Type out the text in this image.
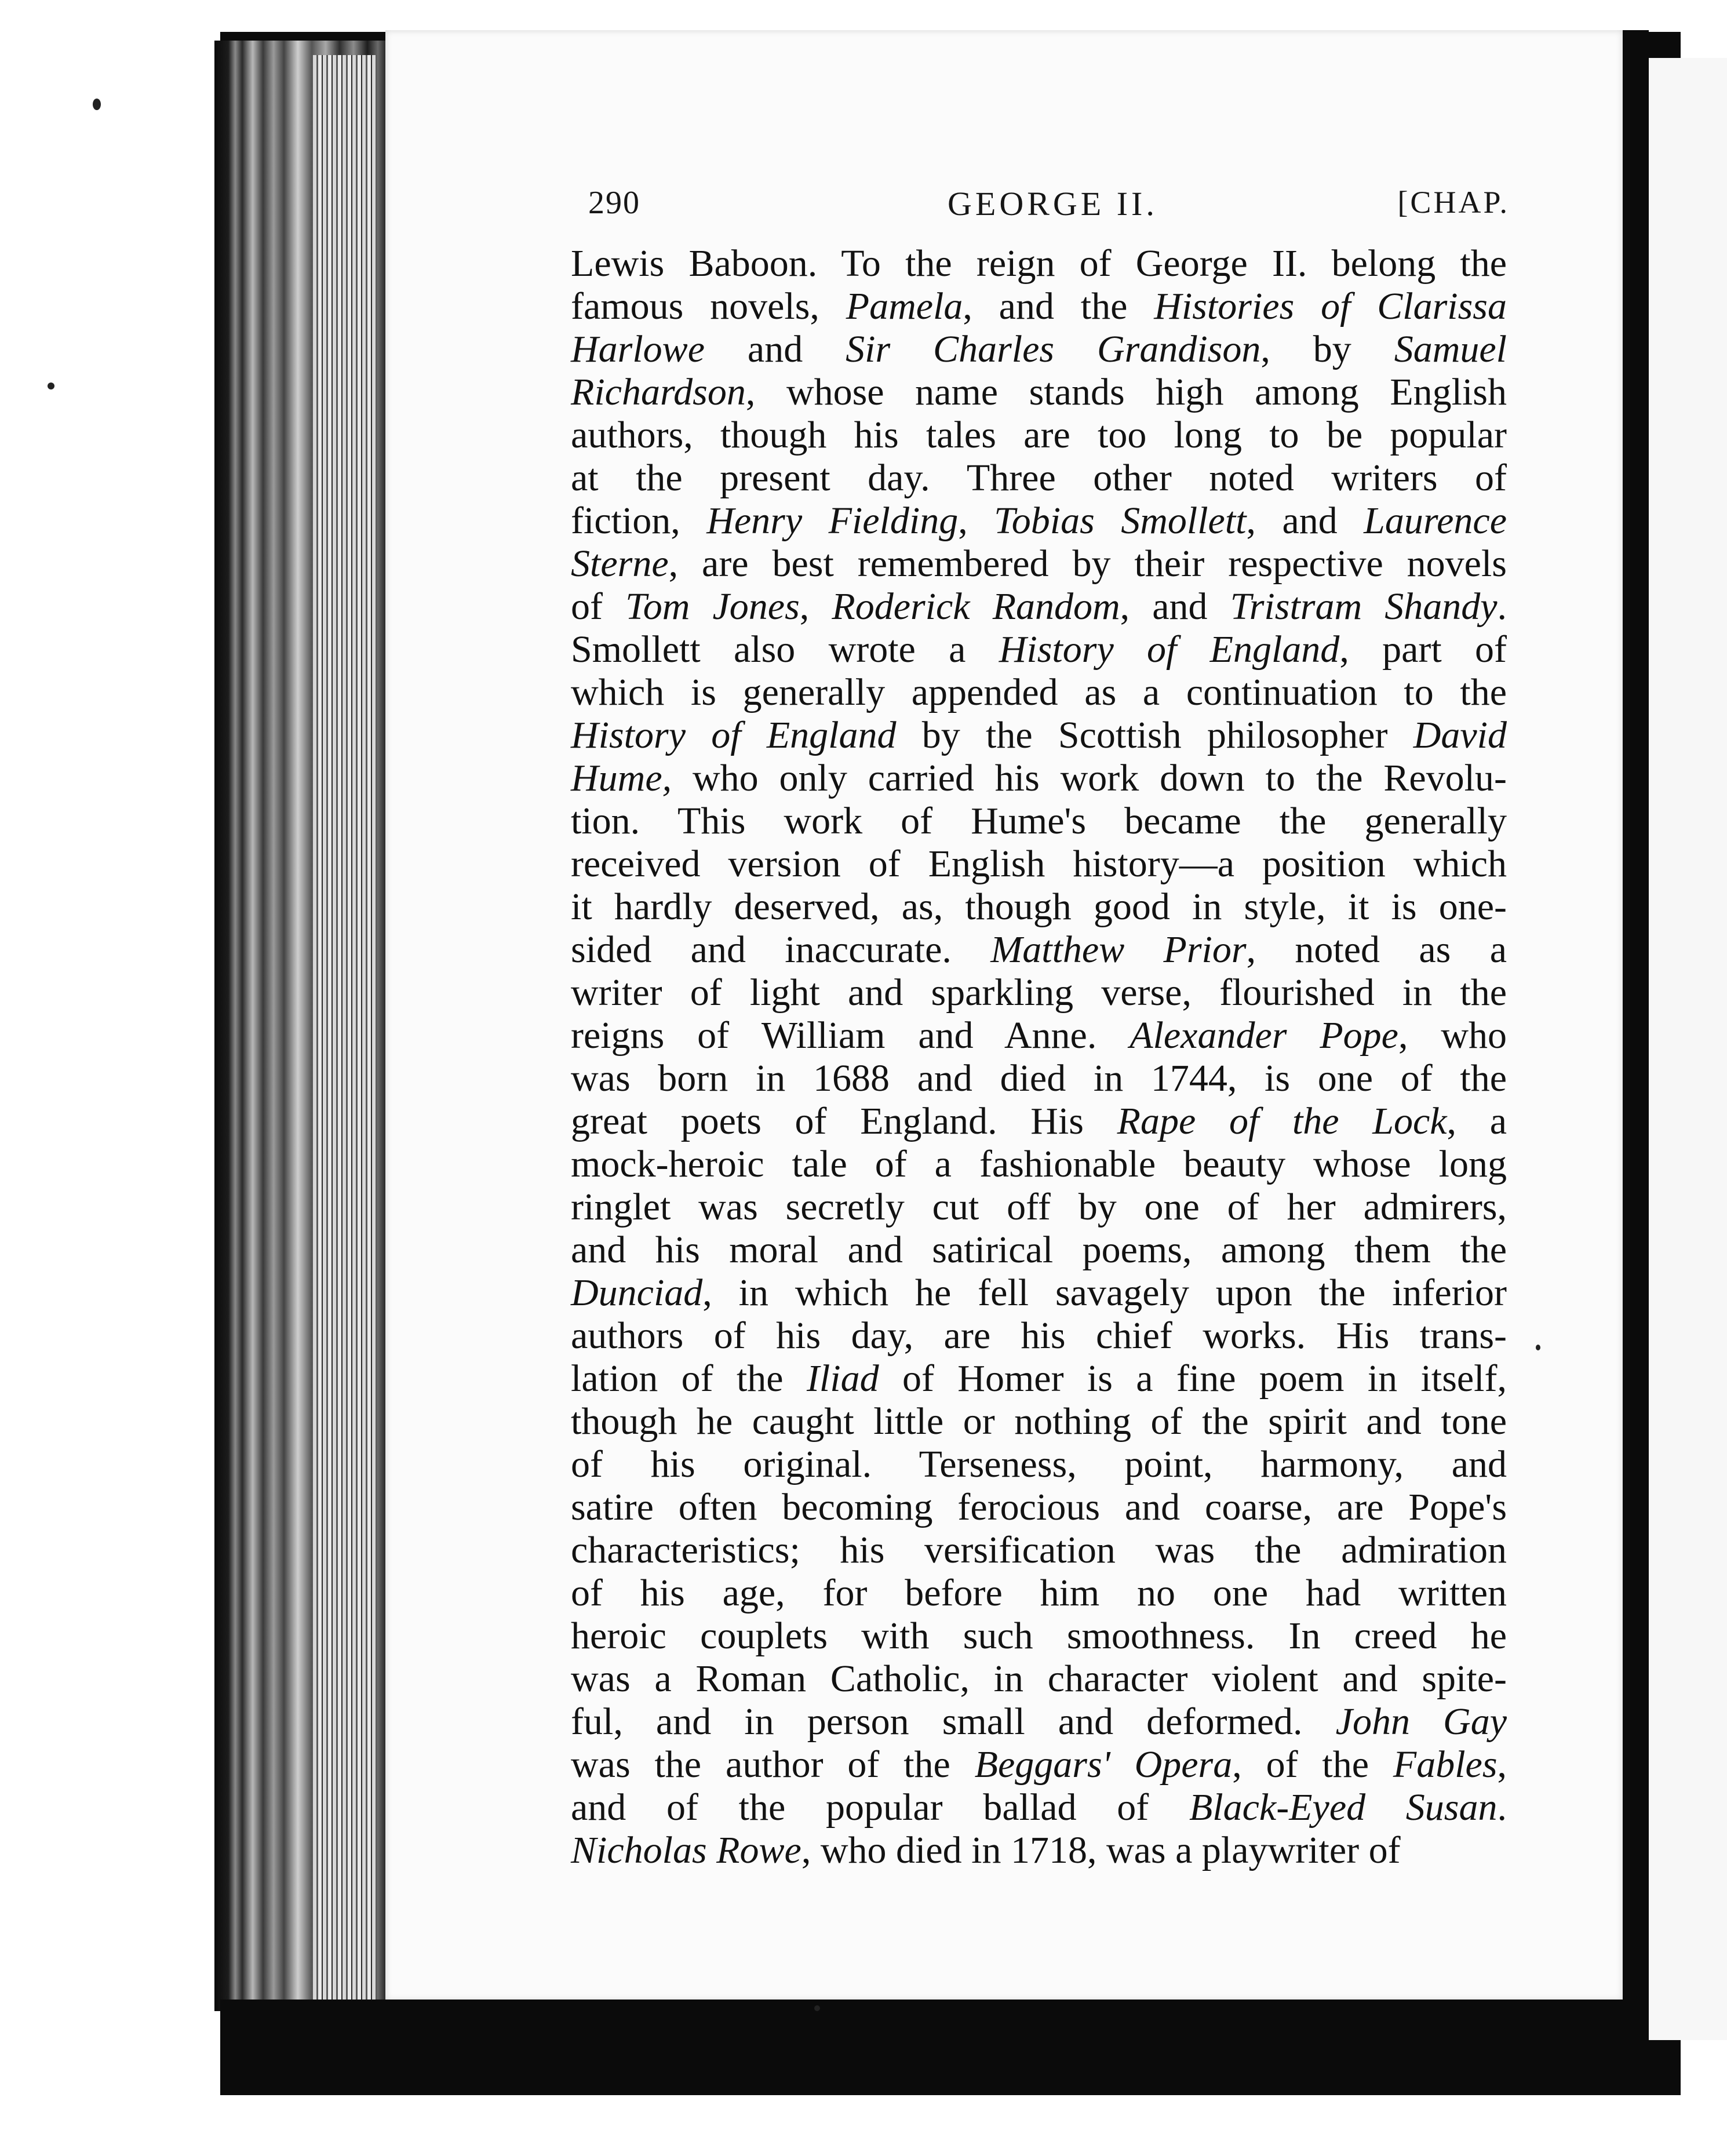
290	GEORGE II.	[CHAP.
Lewis Baboon. To the reign of George II. belong the
famous novels, Pamela, and the Histories of Clarissa
Harlowe and Sir Charles Grandison, by Samuel
Richardson, whose name stands high among English
authors, though his tales are too long to be popular
at the present day. Three other noted writers of
fiction, Henry Fielding, Tobias Smollett, and Laurence
Sterne, are best remembered by their respective novels
of Tom Jones, Roderick Random, and Tristram Shandy.
Smollett also wrote a History of England, part of
which is generally appended as a continuation to the
History of England by the Scottish philosopher David
Hume, who only carried his work down to the Revolu-
tion. This work of Hume's became the generally
received version of English history—a position which
it hardly deserved, as, though good in style, it is one-
sided and inaccurate. Matthew Prior, noted as a
writer of light and sparkling verse, flourished in the
reigns of William and Anne. Alexander Pope, who
was born in 1688 and died in 1744, is one of the
great poets of England. His Rape of the Lock, a
mock-heroic tale of a fashionable beauty whose long
ringlet was secretly cut off by one of her admirers,
and his moral and satirical poems, among them the
Dunciad, in which he fell savagely upon the inferior
authors of his day, are his chief works. His trans-
lation of the Iliad of Homer is a fine poem in itself,
though he caught little or nothing of the spirit and tone
of his original. Terseness, point, harmony, and
satire often becoming ferocious and coarse, are Pope's
characteristics; his versification was the admiration
of his age, for before him no one had written
heroic couplets with such smoothness. In creed he
was a Roman Catholic, in character violent and spite-
ful, and in person small and deformed. John Gay
was the author of the Beggars' Opera, of the Fables,
and of the popular ballad of Black-Eyed Susan.
Nicholas Rowe, who died in 1718, was a playwriter of
